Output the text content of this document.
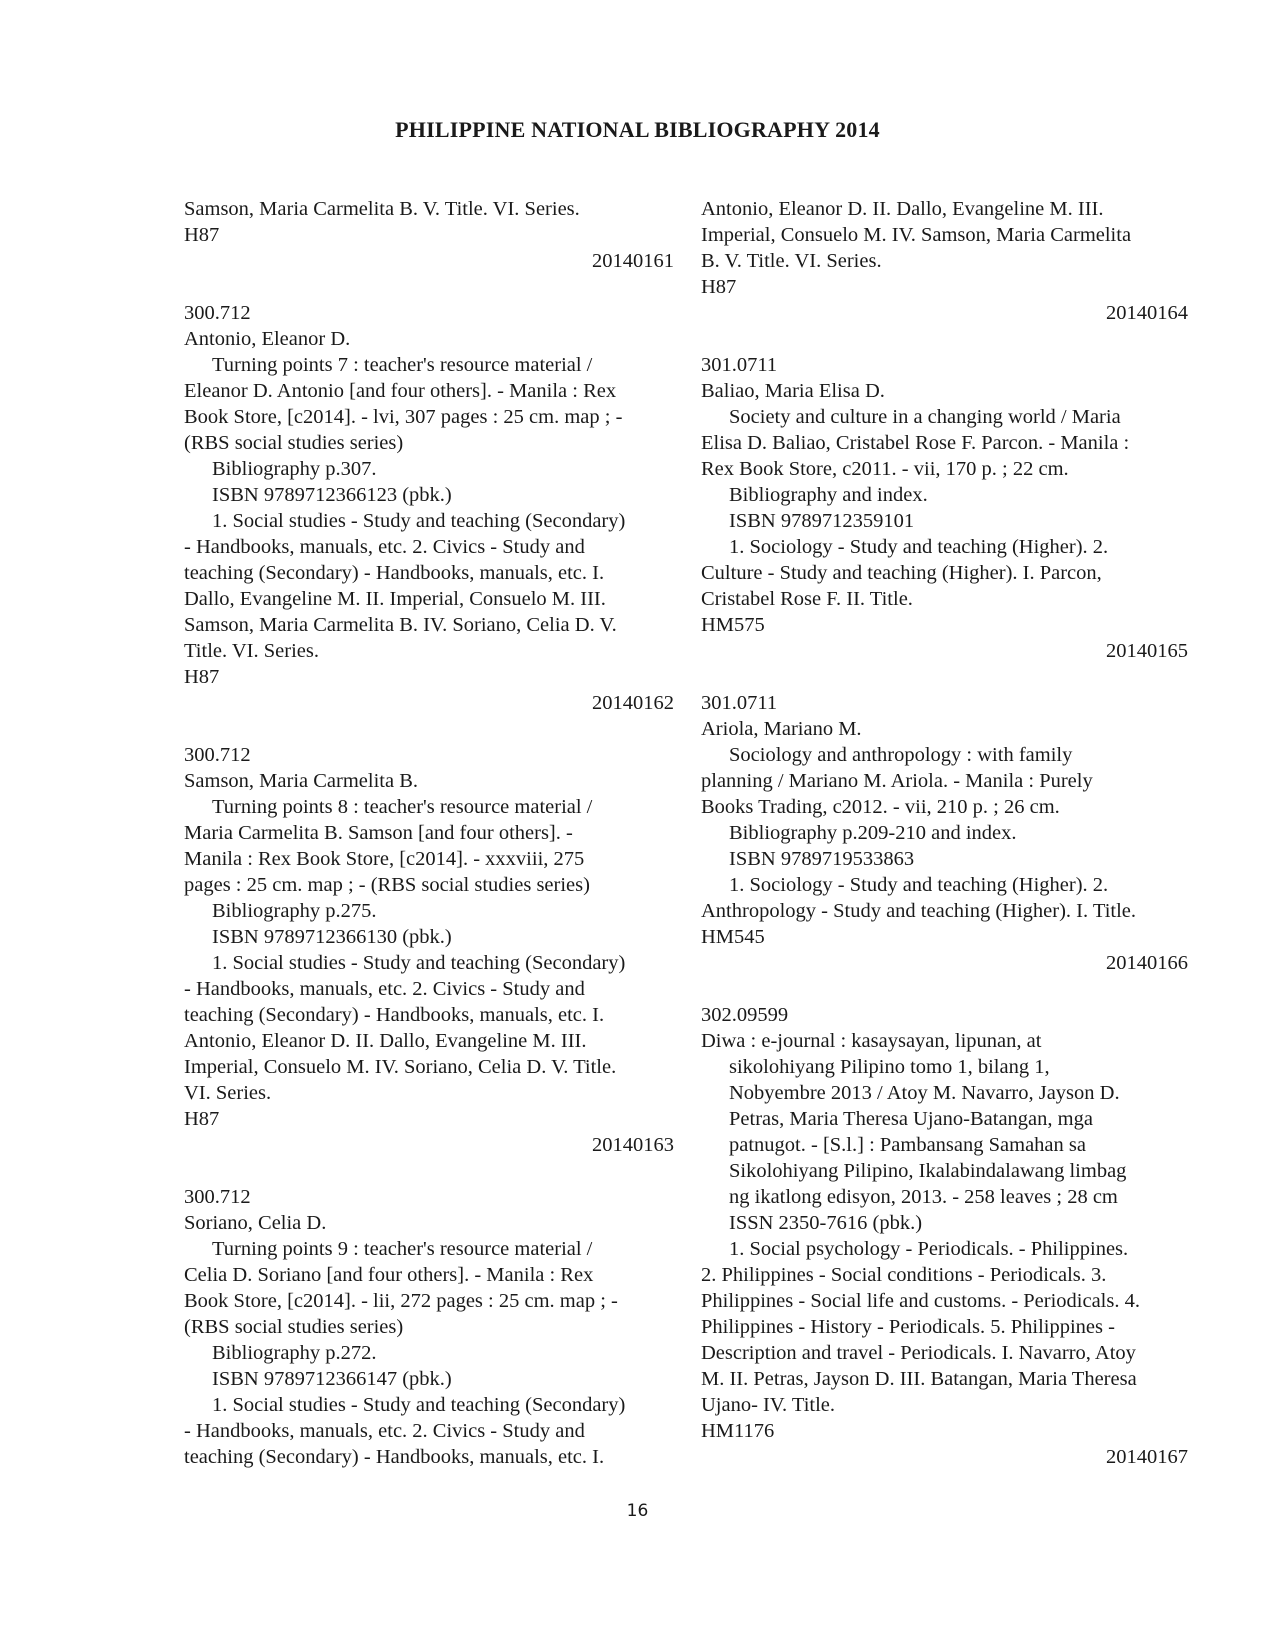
PHILIPPINE NATIONAL BIBLIOGRAPHY 2014
Samson, Maria Carmelita B. V. Title. VI. Series.
H87
20140161
300.712
Antonio, Eleanor D.
Turning points 7 : teacher's resource material /
Eleanor D. Antonio [and four others]. - Manila : Rex
Book Store, [c2014]. - lvi, 307 pages : 25 cm. map ; -
(RBS social studies series)
Bibliography p.307.
ISBN 9789712366123 (pbk.)
1. Social studies - Study and teaching (Secondary)
- Handbooks, manuals, etc. 2. Civics - Study and
teaching (Secondary) - Handbooks, manuals, etc. I.
Dallo, Evangeline M. II. Imperial, Consuelo M. III.
Samson, Maria Carmelita B. IV. Soriano, Celia D. V.
Title. VI. Series.
H87
20140162
300.712
Samson, Maria Carmelita B.
Turning points 8 : teacher's resource material /
Maria Carmelita B. Samson [and four others]. -
Manila : Rex Book Store, [c2014]. - xxxviii, 275
pages : 25 cm. map ; - (RBS social studies series)
Bibliography p.275.
ISBN 9789712366130 (pbk.)
1. Social studies - Study and teaching (Secondary)
- Handbooks, manuals, etc. 2. Civics - Study and
teaching (Secondary) - Handbooks, manuals, etc. I.
Antonio, Eleanor D. II. Dallo, Evangeline M. III.
Imperial, Consuelo M. IV. Soriano, Celia D. V. Title.
VI. Series.
H87
20140163
300.712
Soriano, Celia D.
Turning points 9 : teacher's resource material /
Celia D. Soriano [and four others]. - Manila : Rex
Book Store, [c2014]. - lii, 272 pages : 25 cm. map ; -
(RBS social studies series)
Bibliography p.272.
ISBN 9789712366147 (pbk.)
1. Social studies - Study and teaching (Secondary)
- Handbooks, manuals, etc. 2. Civics - Study and
teaching (Secondary) - Handbooks, manuals, etc. I.
Antonio, Eleanor D. II. Dallo, Evangeline M. III.
Imperial, Consuelo M. IV. Samson, Maria Carmelita
B. V. Title. VI. Series.
H87
20140164
301.0711
Baliao, Maria Elisa D.
Society and culture in a changing world / Maria
Elisa D. Baliao, Cristabel Rose F. Parcon. - Manila :
Rex Book Store, c2011. - vii, 170 p. ; 22 cm.
Bibliography and index.
ISBN 9789712359101
1. Sociology - Study and teaching (Higher). 2.
Culture - Study and teaching (Higher). I. Parcon,
Cristabel Rose F. II. Title.
HM575
20140165
301.0711
Ariola, Mariano M.
Sociology and anthropology : with family
planning / Mariano M. Ariola. - Manila : Purely
Books Trading, c2012. - vii, 210 p. ; 26 cm.
Bibliography p.209-210 and index.
ISBN 9789719533863
1. Sociology - Study and teaching (Higher). 2.
Anthropology - Study and teaching (Higher). I. Title.
HM545
20140166
302.09599
Diwa : e-journal : kasaysayan, lipunan, at
sikolohiyang Pilipino tomo 1, bilang 1,
Nobyembre 2013 / Atoy M. Navarro, Jayson D.
Petras, Maria Theresa Ujano-Batangan, mga
patnugot. - [S.l.] : Pambansang Samahan sa
Sikolohiyang Pilipino, Ikalabindalawang limbag
ng ikatlong edisyon, 2013. - 258 leaves ; 28 cm
ISSN 2350-7616 (pbk.)
1. Social psychology - Periodicals. - Philippines.
2. Philippines - Social conditions - Periodicals. 3.
Philippines - Social life and customs. - Periodicals. 4.
Philippines - History - Periodicals. 5. Philippines -
Description and travel - Periodicals. I. Navarro, Atoy
M. II. Petras, Jayson D. III. Batangan, Maria Theresa
Ujano- IV. Title.
HM1176
20140167
16
